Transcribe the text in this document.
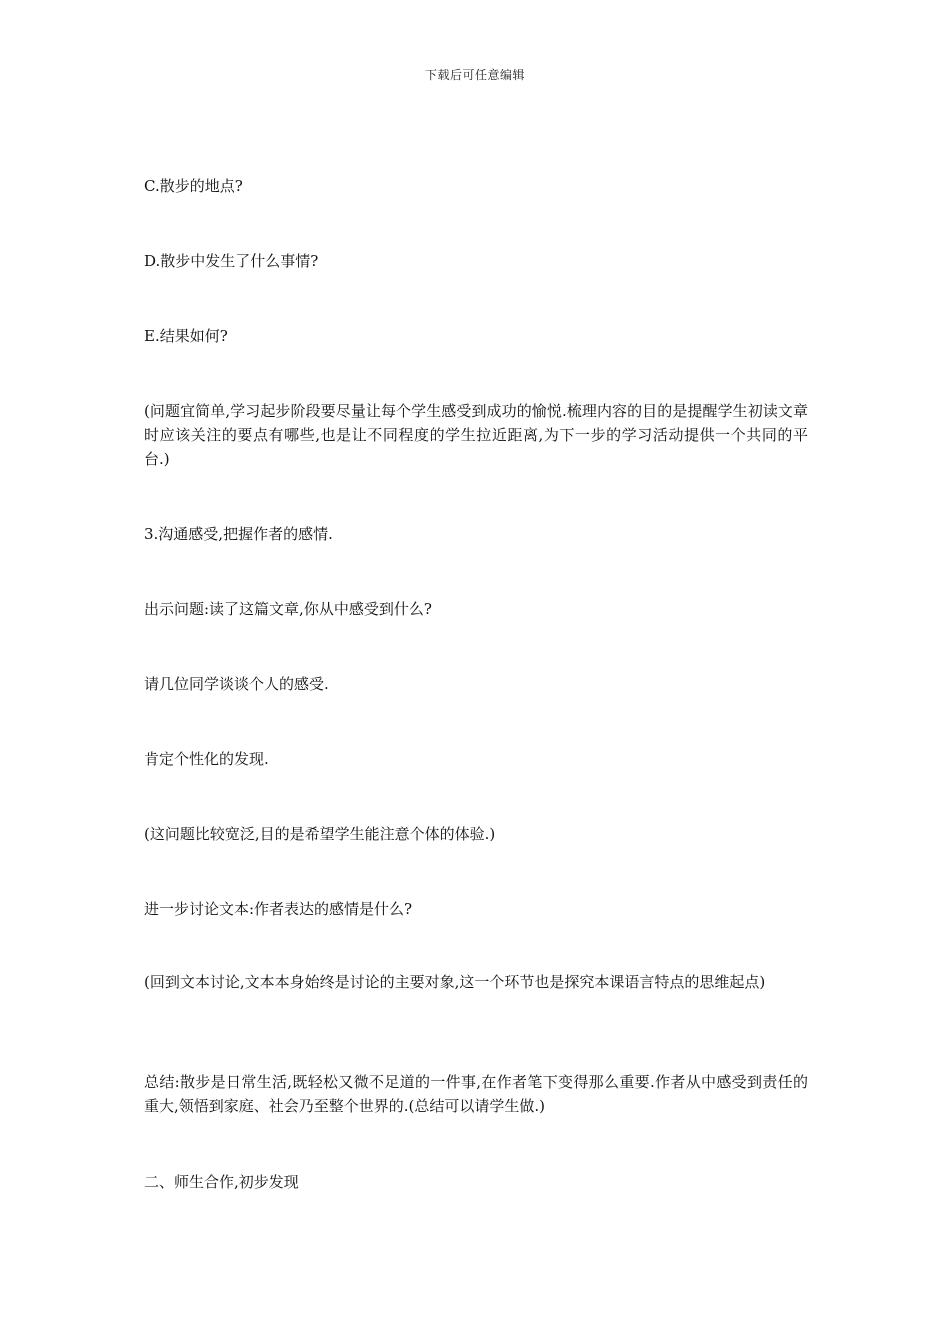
下载后可任意编辑

C.散步的地点?

D.散步中发生了什么事情?

E.结果如何?

(问题宜简单,学习起步阶段要尽量让每个学生感受到成功的愉悦.梳理内容的目的是提醒学生初读文章时应该关注的要点有哪些,也是让不同程度的学生拉近距离,为下一步的学习活动提供一个共同的平台.)

3.沟通感受,把握作者的感情.

出示问题:读了这篇文章,你从中感受到什么?

请几位同学谈谈个人的感受.

肯定个性化的发现.

(这问题比较宽泛,目的是希望学生能注意个体的体验.)

进一步讨论文本:作者表达的感情是什么?

(回到文本讨论,文本本身始终是讨论的主要对象,这一个环节也是探究本课语言特点的思维起点)

总结:散步是日常生活,既轻松又微不足道的一件事,在作者笔下变得那么重要.作者从中感受到责任的重大,领悟到家庭、社会乃至整个世界的.(总结可以请学生做.)

二、师生合作,初步发现
